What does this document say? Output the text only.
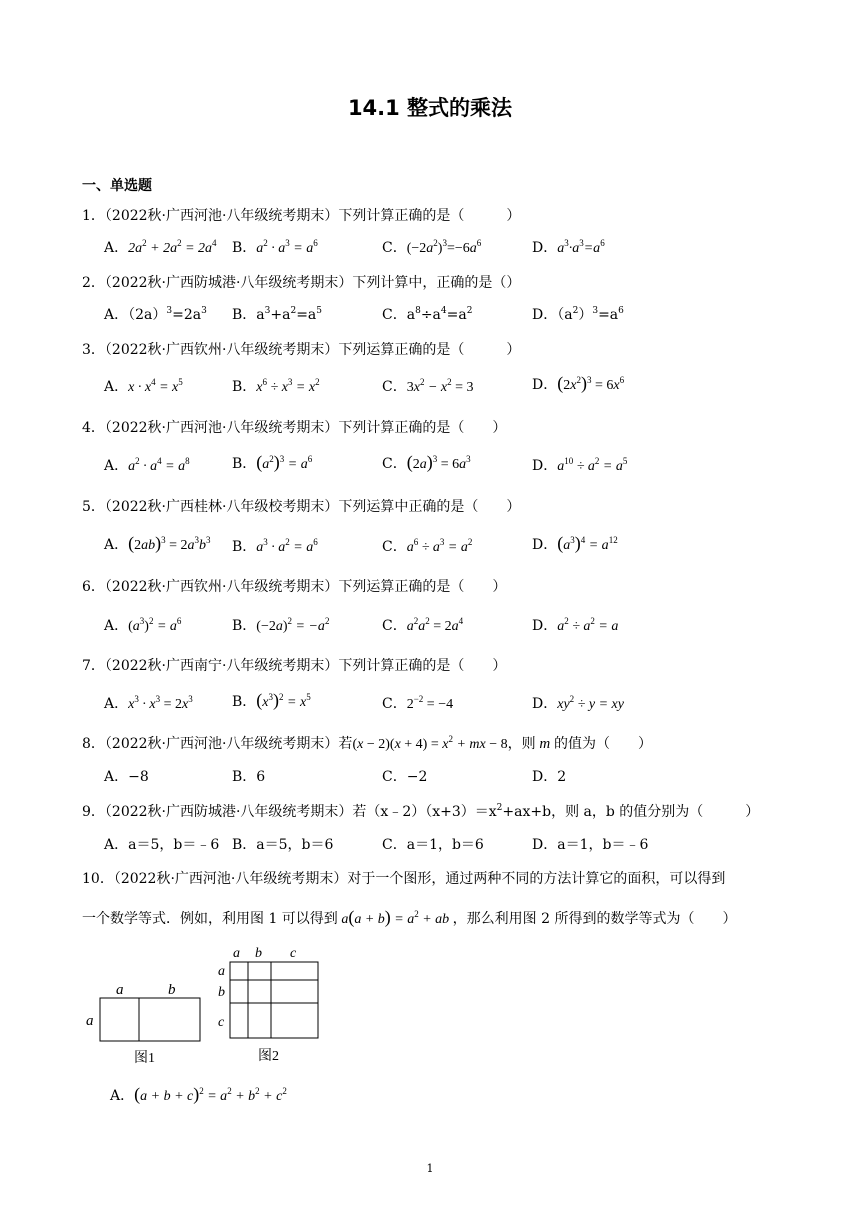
14.1 整式的乘法
一、单选题
1．（2022秋·广西河池·八年级统考期末）下列计算正确的是（　　　）
A．$2a^2 + 2a^2 = 2a^4$ B．$a^2 \cdot a^3 = a^6$	C．$(-2a^2)^3=-6a^6$	D．$a^3\cdot a^3=a^6$
2．（2022秋·广西防城港·八年级统考期末）下列计算中，正确的是（）
A．$(2a)^3=2a^3$ B．$a^3+a^2=a^5$	C．$a^8\div a^4=a^2$	D．$(a^2)^3=a^6$
3．（2022秋·广西钦州·八年级统考期末）下列运算正确的是（　　　）
A．$x \cdot x^4 = x^5$	B．$x^6 \div x^3 = x^2$	C．$3x^2 - x^2 = 3$	D．$(2x^2)^3 = 6x^6$
4．（2022秋·广西河池·八年级统考期末）下列计算正确的是（　　）
A．$a^2 \cdot a^4 = a^8$	B．$(a^2)^3 = a^6$	C．$(2a)^3 = 6a^3$	D．$a^{10} \div a^2 = a^5$
5．（2022秋·广西桂林·八年级校考期末）下列运算中正确的是（　　）
A．$(2ab)^3 = 2a^3b^3$ B．$a^3 \cdot a^2 = a^6$	C．$a^6 \div a^3 = a^2$	D．$(a^3)^4 = a^{12}$
6．（2022秋·广西钦州·八年级统考期末）下列运算正确的是（　　）
A．$(a^3)^2 = a^6$	B．$(-2a)^2 = -a^2$	C．$a^2a^2 = 2a^4$	D．$a^2 \div a^2 = a$
7．（2022秋·广西南宁·八年级统考期末）下列计算正确的是（　　）
A．$x^3 \cdot x^3 = 2x^3$	B．$(x^3)^2 = x^5$	C．$2^{-2} = -4$	D．$xy^2 \div y$ = xy
8．（2022秋·广西河池·八年级统考期末）若$(x - 2)(x + 4) = x^2$ + mx − 8，则 m 的值为（　　）
A．−8	B．6	C．−2	D．2
9．（2022秋·广西防城港·八年级统考期末）若$(x﹣2)(x+3)=x^2+ax+b$，则 a，b 的值分别为（　　　）
A．a＝5，b＝﹣6 B．a＝5，b＝6	C．a＝1，b＝6	D．a＝1，b＝﹣6
10．（2022秋·广西河池·八年级统考期末）对于一个图形，通过两种不同的方法计算它的面积，可以得到
一个数学等式．例如，利用图 1 可以得到 $a(a + b) = a^2$ + ab ，那么利用图 2 所得到的数学等式为（　　）
a	b
a
图1
a b c
a
b
c
图2
A．$(a + b + c)^2 = a^2 + b^2 + c^2$
1
